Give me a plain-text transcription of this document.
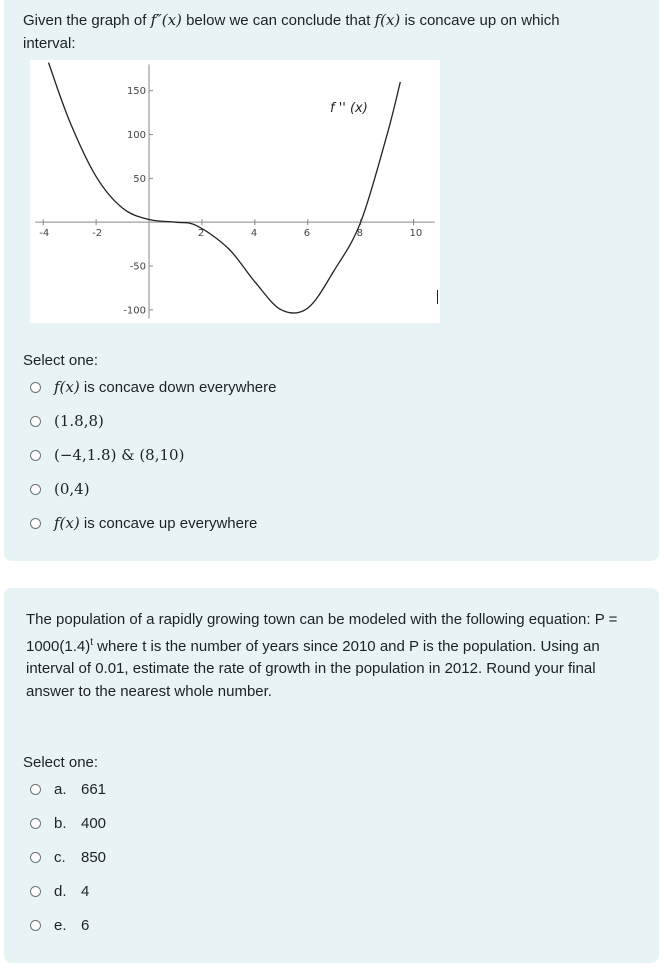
Given the graph of f″(x) below we can conclude that f(x) is concave up on which
interval:
-4	-2	2	4	6	8	10
150
100
50
-50
-100
f '' (x)
Select one:
f(x)
is concave down everywhere
(1.8,8)
(−4,1.8) & (8,10)
(0,4)
f(x)
is concave up everywhere
The population of a rapidly growing town can be modeled with the following equation: P =
$1000(1.4)^t$ where t is the number of years since 2010 and P is the population. Using an
interval of 0.01, estimate the rate of growth in the population in 2012. Round your final
answer to the nearest whole number.
Select one:
a. 661
b. 400
c.	850
d. 4
e. 6
